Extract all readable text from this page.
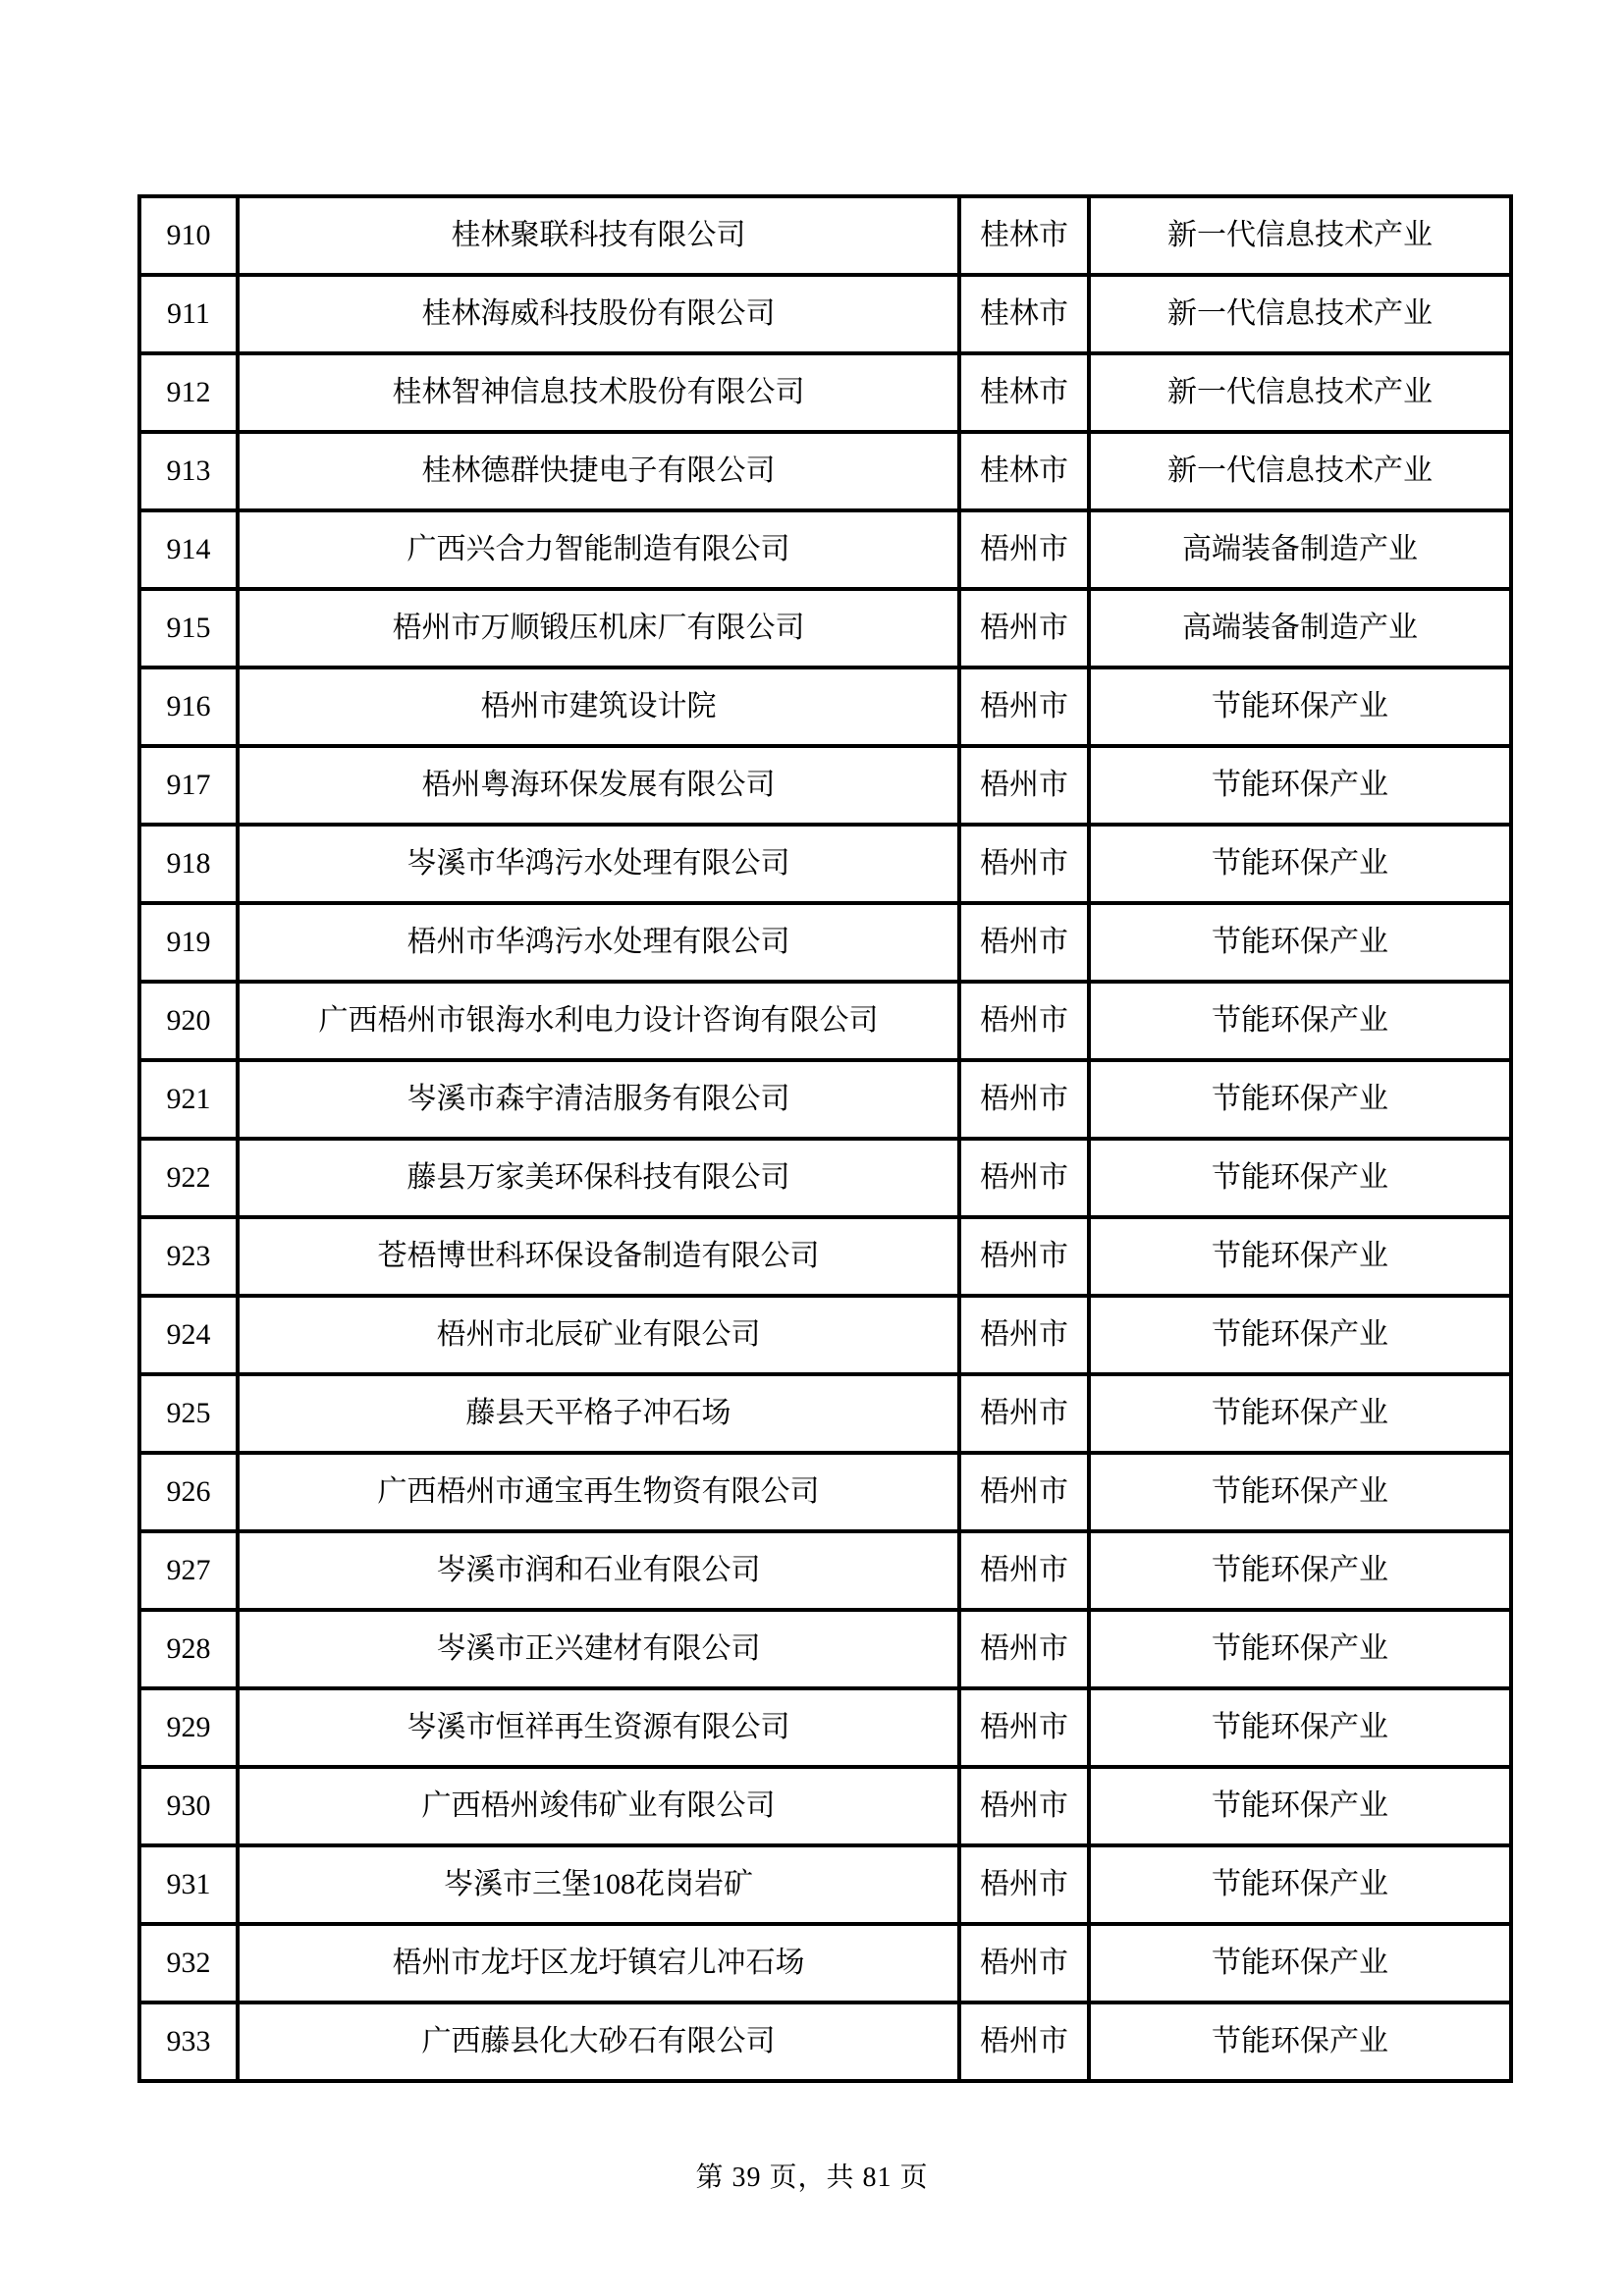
910	桂林聚联科技有限公司	桂林市	新一代信息技术产业
911	桂林海威科技股份有限公司	桂林市	新一代信息技术产业
912	桂林智神信息技术股份有限公司	桂林市	新一代信息技术产业
913	桂林德群快捷电子有限公司	桂林市	新一代信息技术产业
914	广西兴合力智能制造有限公司	梧州市	高端装备制造产业
915	梧州市万顺锻压机床厂有限公司	梧州市	高端装备制造产业
916	梧州市建筑设计院	梧州市	节能环保产业
917	梧州粤海环保发展有限公司	梧州市	节能环保产业
918	岑溪市华鸿污水处理有限公司	梧州市	节能环保产业
919	梧州市华鸿污水处理有限公司	梧州市	节能环保产业
920	广西梧州市银海水利电力设计咨询有限公司	梧州市	节能环保产业
921	岑溪市森宇清洁服务有限公司	梧州市	节能环保产业
922	藤县万家美环保科技有限公司	梧州市	节能环保产业
923	苍梧博世科环保设备制造有限公司	梧州市	节能环保产业
924	梧州市北辰矿业有限公司	梧州市	节能环保产业
925	藤县天平格子冲石场	梧州市	节能环保产业
926	广西梧州市通宝再生物资有限公司	梧州市	节能环保产业
927	岑溪市润和石业有限公司	梧州市	节能环保产业
928	岑溪市正兴建材有限公司	梧州市	节能环保产业
929	岑溪市恒祥再生资源有限公司	梧州市	节能环保产业
930	广西梧州竣伟矿业有限公司	梧州市	节能环保产业
931	岑溪市三堡108花岗岩矿	梧州市	节能环保产业
932	梧州市龙圩区龙圩镇宕儿冲石场	梧州市	节能环保产业
933	广西藤县化大砂石有限公司	梧州市	节能环保产业
第 39 页，共 81 页
